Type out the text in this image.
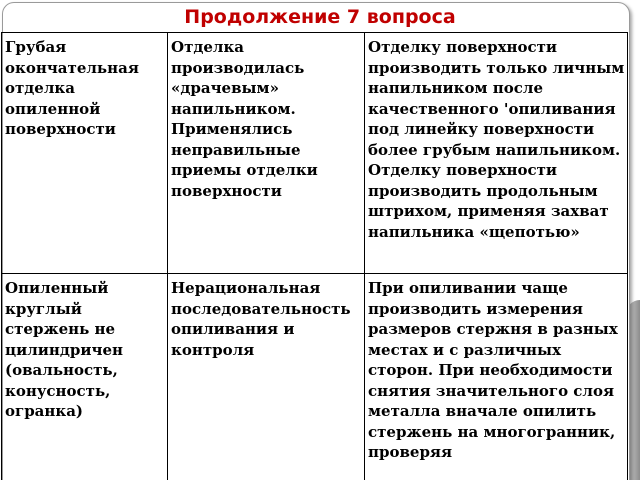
Продолжение 7 вопроса
Грубая окончательная отделка опиленной поверхности	Отделка производилась «драчевым» напильником. Применялись неправильные приемы отделки поверхности	Отделку поверхности производить только личным напильником после качественного 'опиливания под линейку поверхности более грубым напильником. Отделку поверхности производить продольным штрихом, применяя захват напильника «щепотью»
Опиленный круглый стержень не цилиндричен (овальность, конусность, огранка)	Нерациональная последовательность опиливания и контроля	При опиливании чаще производить измерения размеров стержня в разных местах и с различных сторон. При необходимости снятия значительного слоя металла вначале опилить стержень на многогранник, проверяя
